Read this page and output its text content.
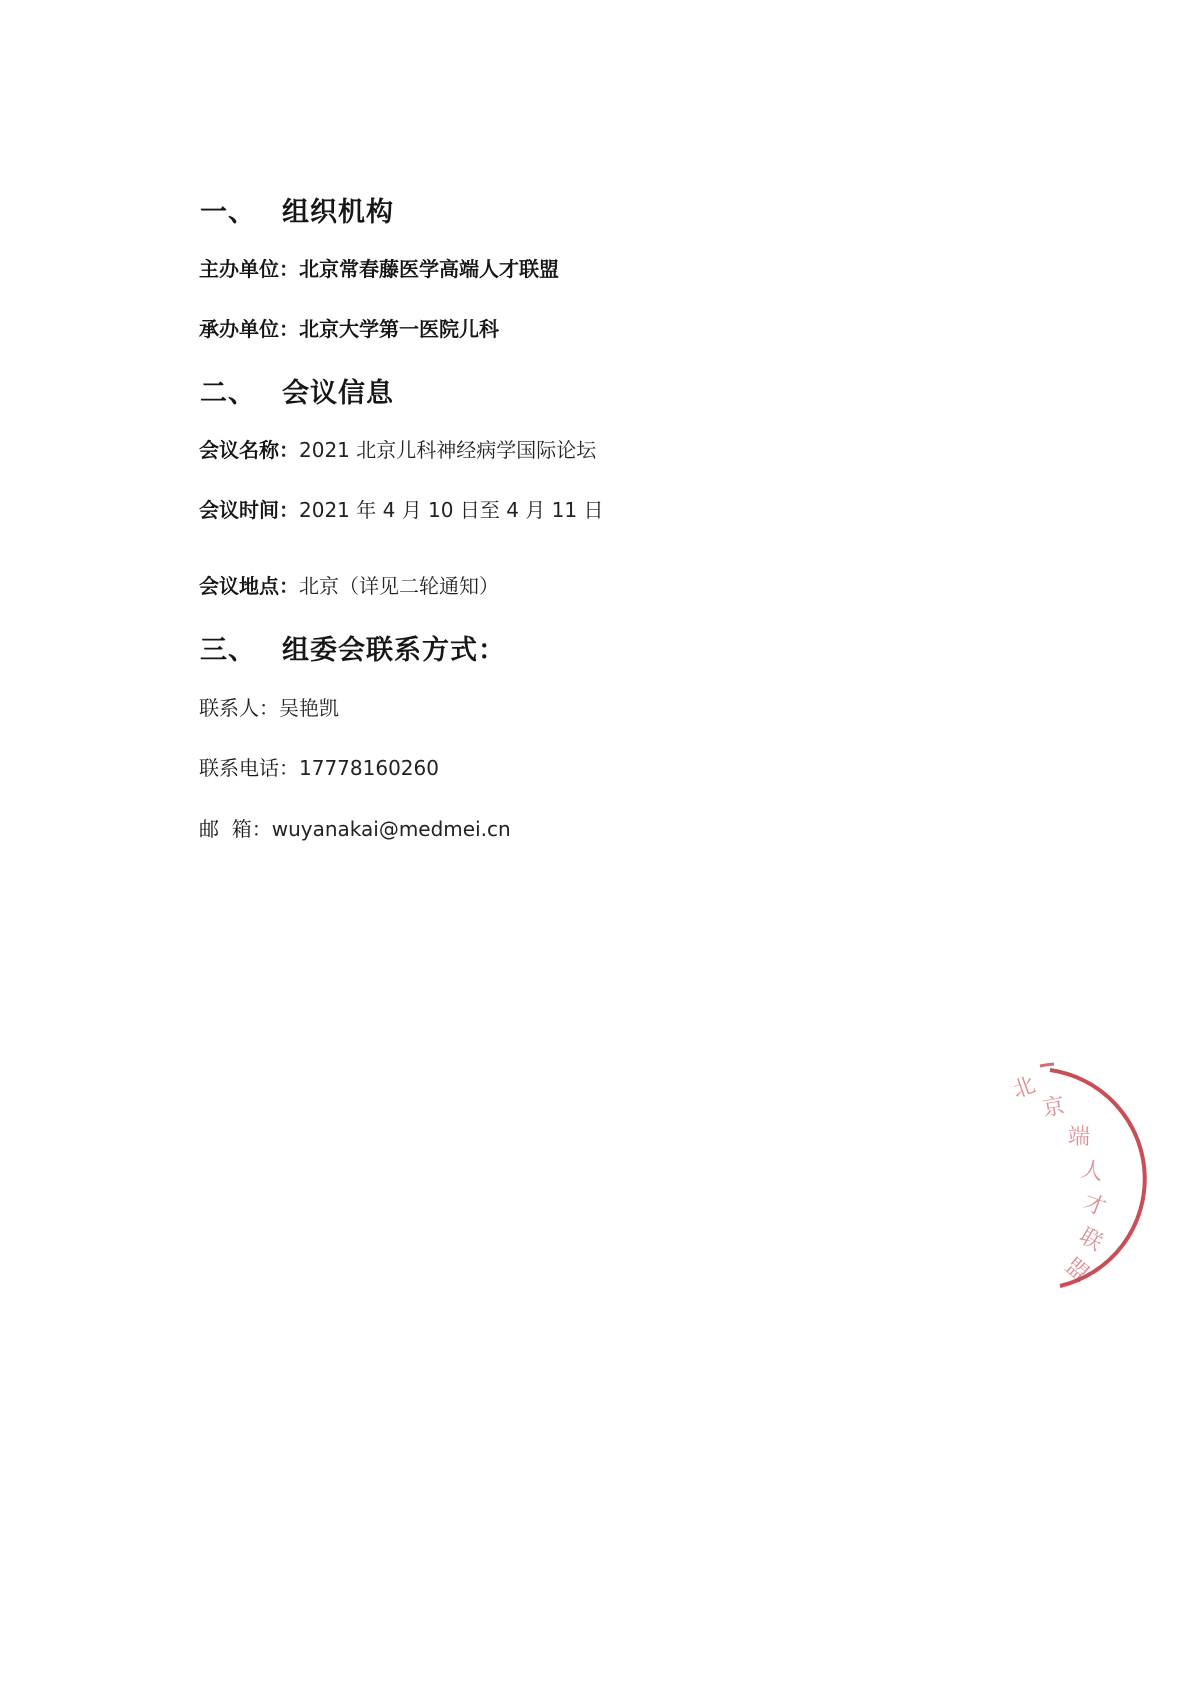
一、 组织机构
主办单位：北京常春藤医学高端人才联盟
承办单位：北京大学第一医院儿科
二、 会议信息
会议名称：2021 北京儿科神经病学国际论坛
会议时间：2021 年 4 月 10 日至 4 月 11 日
会议地点：北京（详见二轮通知）
三、 组委会联系方式：
联系人：吴艳凯
联系电话：17778160260
邮  箱：wuyanakai@medmei.cn
北
京
端
人
才
联
盟
